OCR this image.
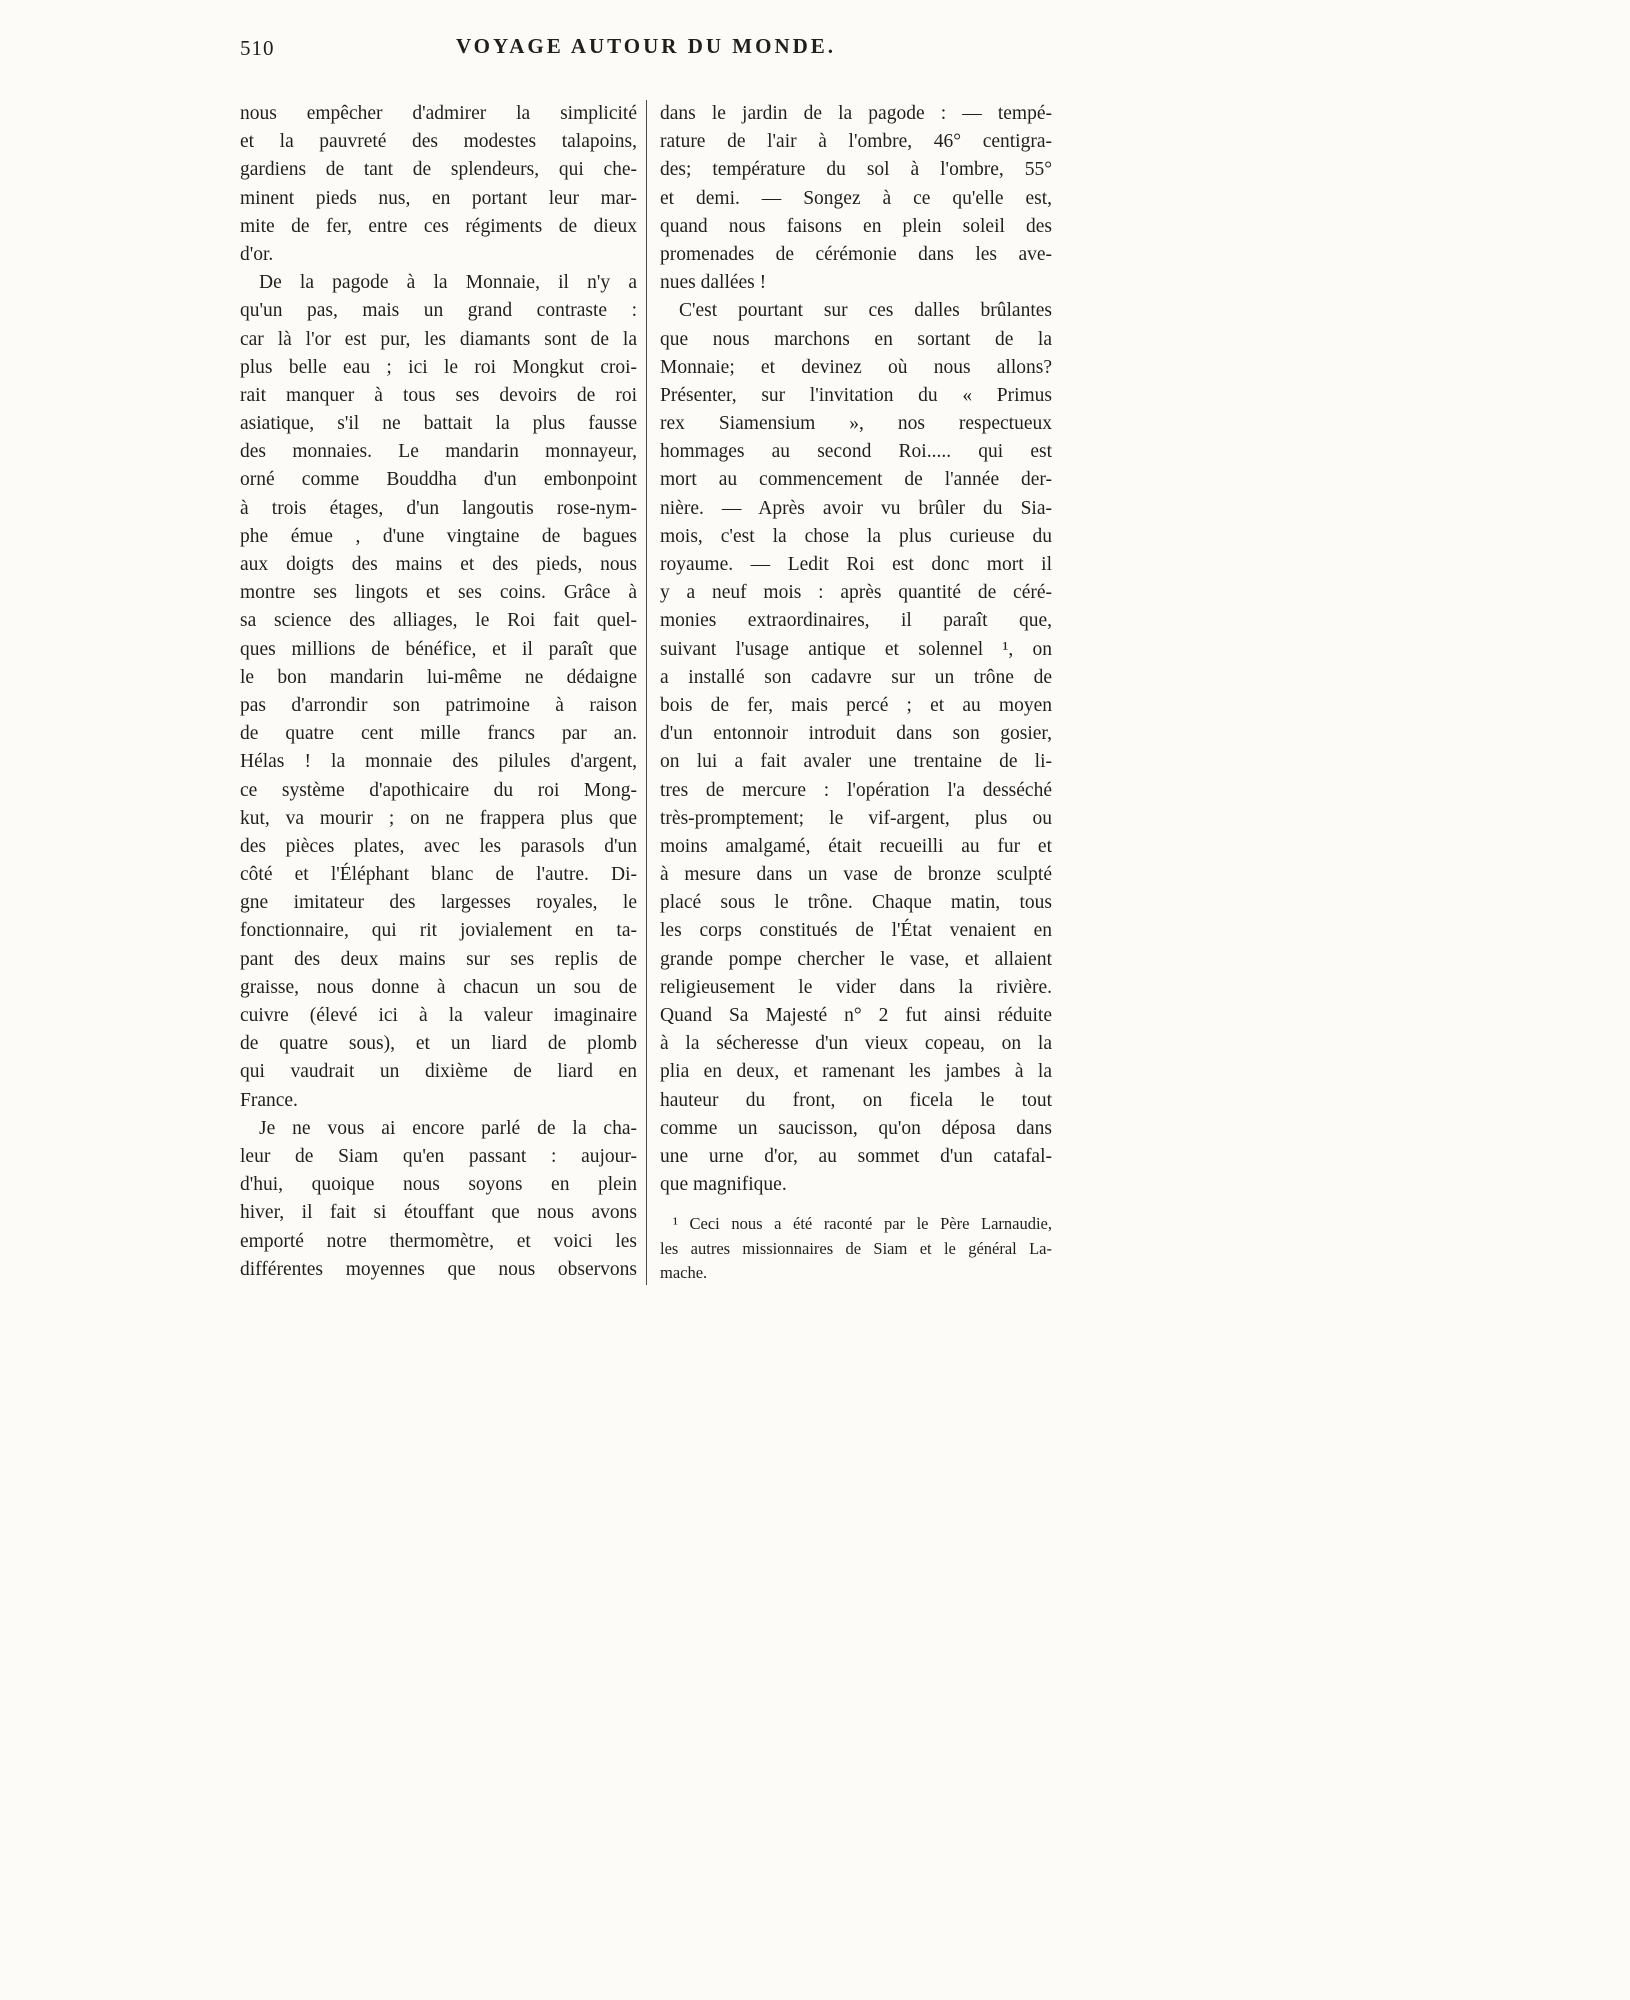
510	VOYAGE AUTOUR DU MONDE.
nous empêcher d'admirer la simplicité
et la pauvreté des modestes talapoins,
gardiens de tant de splendeurs, qui che-
minent pieds nus, en portant leur mar-
mite de fer, entre ces régiments de dieux
d'or.
De la pagode à la Monnaie, il n'y a
qu'un pas, mais un grand contraste :
car là l'or est pur, les diamants sont de la
plus belle eau ; ici le roi Mongkut croi-
rait manquer à tous ses devoirs de roi
asiatique, s'il ne battait la plus fausse
des monnaies. Le mandarin monnayeur,
orné comme Bouddha d'un embonpoint
à trois étages, d'un langoutis rose-nym-
phe émue , d'une vingtaine de bagues
aux doigts des mains et des pieds, nous
montre ses lingots et ses coins. Grâce à
sa science des alliages, le Roi fait quel-
ques millions de bénéfice, et il paraît que
le bon mandarin lui-même ne dédaigne
pas d'arrondir son patrimoine à raison
de quatre cent mille francs par an.
Hélas ! la monnaie des pilules d'argent,
ce système d'apothicaire du roi Mong-
kut, va mourir ; on ne frappera plus que
des pièces plates, avec les parasols d'un
côté et l'Éléphant blanc de l'autre. Di-
gne imitateur des largesses royales, le
fonctionnaire, qui rit jovialement en ta-
pant des deux mains sur ses replis de
graisse, nous donne à chacun un sou de
cuivre (élevé ici à la valeur imaginaire
de quatre sous), et un liard de plomb
qui vaudrait un dixième de liard en
France.
Je ne vous ai encore parlé de la cha-
leur de Siam qu'en passant : aujour-
d'hui, quoique nous soyons en plein
hiver, il fait si étouffant que nous avons
emporté notre thermomètre, et voici les
différentes moyennes que nous observons
dans le jardin de la pagode : — tempé-
rature de l'air à l'ombre, 46° centigra-
des; température du sol à l'ombre, 55°
et demi. — Songez à ce qu'elle est,
quand nous faisons en plein soleil des
promenades de cérémonie dans les ave-
nues dallées !
C'est pourtant sur ces dalles brûlantes
que nous marchons en sortant de la
Monnaie; et devinez où nous allons?
Présenter, sur l'invitation du « Primus
rex Siamensium », nos respectueux
hommages au second Roi..... qui est
mort au commencement de l'année der-
nière. — Après avoir vu brûler du Sia-
mois, c'est la chose la plus curieuse du
royaume. — Ledit Roi est donc mort il
y a neuf mois : après quantité de céré-
monies extraordinaires, il paraît que,
suivant l'usage antique et solennel ¹, on
a installé son cadavre sur un trône de
bois de fer, mais percé ; et au moyen
d'un entonnoir introduit dans son gosier,
on lui a fait avaler une trentaine de li-
tres de mercure : l'opération l'a desséché
très-promptement; le vif-argent, plus ou
moins amalgamé, était recueilli au fur et
à mesure dans un vase de bronze sculpté
placé sous le trône. Chaque matin, tous
les corps constitués de l'État venaient en
grande pompe chercher le vase, et allaient
religieusement le vider dans la rivière.
Quand Sa Majesté n° 2 fut ainsi réduite
à la sécheresse d'un vieux copeau, on la
plia en deux, et ramenant les jambes à la
hauteur du front, on ficela le tout
comme un saucisson, qu'on déposa dans
une urne d'or, au sommet d'un catafal-
que magnifique.
¹ Ceci nous a été raconté par le Père Larnaudie,
les autres missionnaires de Siam et le général La-
mache.
